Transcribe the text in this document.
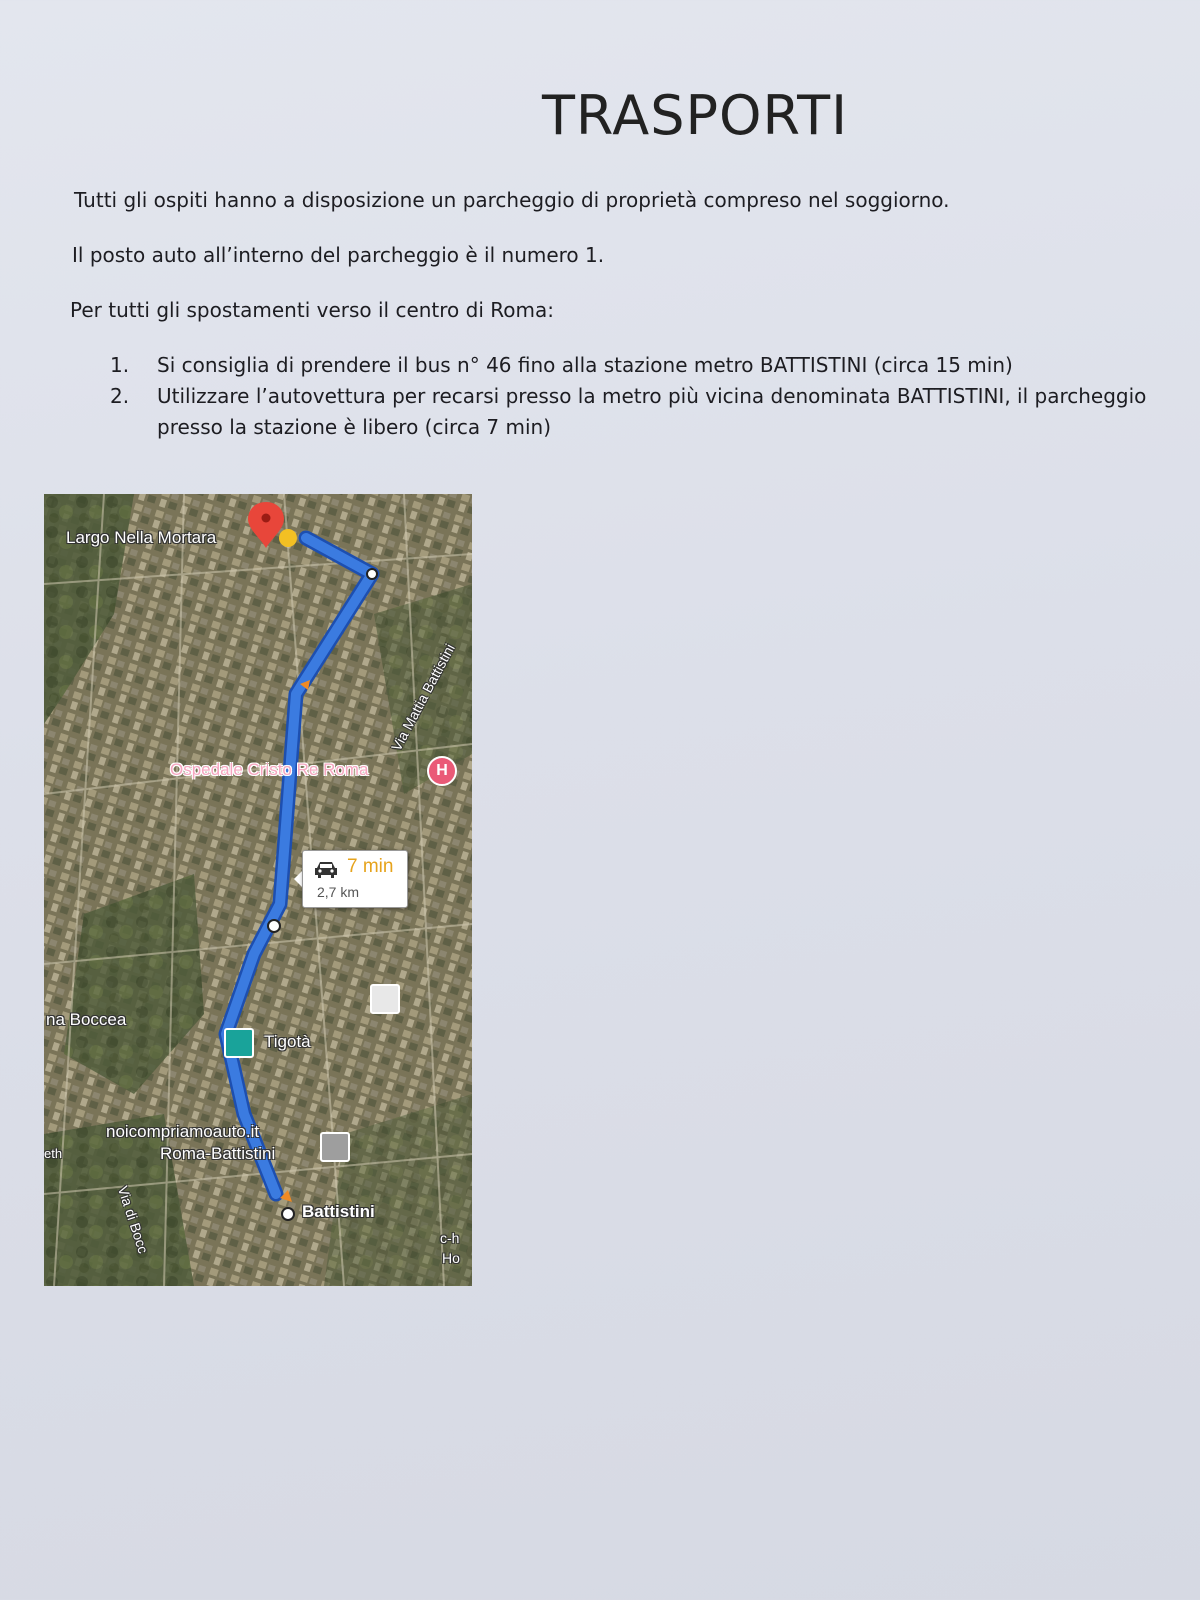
TRASPORTI
Tutti gli ospiti hanno a disposizione un parcheggio di proprietà compreso nel soggiorno.
Il posto auto all’interno del parcheggio è il numero 1.
Per tutti gli spostamenti verso il centro di Roma:
1.	Si consiglia di prendere il bus n° 46 fino alla stazione metro BATTISTINI (circa 15 min)
2.	Utilizzare l’autovettura per recarsi presso la metro più vicina denominata BATTISTINI, il parcheggio presso la stazione è libero (circa 7 min)
Largo Nella Mortara
Via Mattia Battistini
Ospedale Cristo Re Roma	H
7 min
2,7 km
na Boccea
Tigotà
noicompriamoauto.it
Roma-Battistini
Battistini
eth
Via di Bocc	c-h
Ho
